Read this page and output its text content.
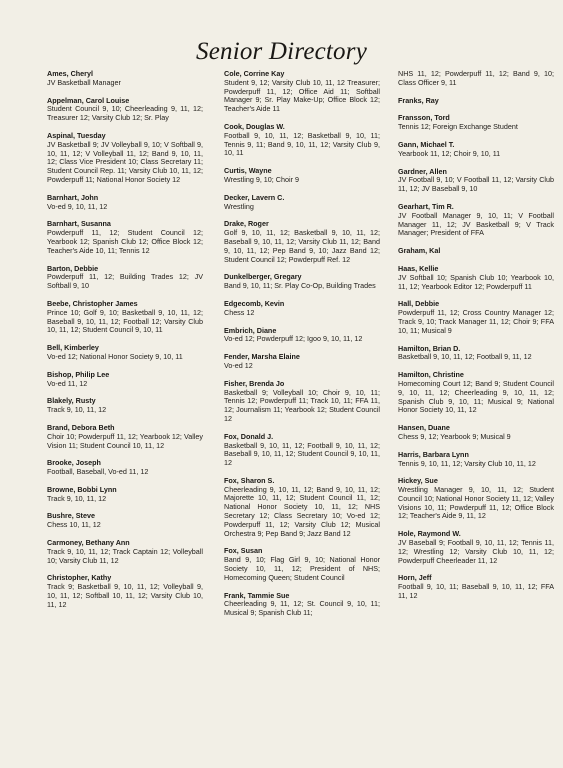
Senior Directory
Ames, Cheryl
JV Basketball Manager
Appelman, Carol Louise
Student Council 9, 10; Cheerleading 9, 11, 12; Treasurer 12; Varsity Club 12; Sr. Play
Aspinal, Tuesday
JV Basketball 9; JV Volleyball 9, 10; V Softball 9, 10, 11, 12; V Volleyball 11, 12; Band 9, 10, 11, 12; Class Vice President 10; Class Secretary 11; Student Council Rep. 11; Varsity Club 10, 11, 12; Powderpuff 11; National Honor Society 12
Barnhart, John
Vo-ed 9, 10, 11, 12
Barnhart, Susanna
Powderpuff 11, 12; Student Council 12; Yearbook 12; Spanish Club 12; Office Block 12; Teacher's Aide 10, 11; Tennis 12
Barton, Debbie
Powderpuff 11, 12; Building Trades 12; JV Softball 9, 10
Beebe, Christopher James
Prince 10; Golf 9, 10; Basketball 9, 10, 11, 12; Baseball 9, 10, 11, 12; Football 12; Varsity Club 10, 11, 12; Student Council 9, 10, 11
Bell, Kimberley
Vo-ed 12; National Honor Society 9, 10, 11
Bishop, Philip Lee
Vo-ed 11, 12
Blakely, Rusty
Track 9, 10, 11, 12
Brand, Debora Beth
Choir 10; Powderpuff 11, 12; Yearbook 12; Valley Vision 11; Student Council 10, 11, 12
Brooke, Joseph
Football, Baseball, Vo-ed 11, 12
Browne, Bobbi Lynn
Track 9, 10, 11, 12
Bushre, Steve
Chess 10, 11, 12
Carmoney, Bethany Ann
Track 9, 10, 11, 12; Track Captain 12; Volleyball 10; Varsity Club 11, 12
Christopher, Kathy
Track 9; Basketball 9, 10, 11, 12; Volleyball 9, 10, 11, 12; Softball 10, 11, 12; Varsity Club 10, 11, 12
Cole, Corrine Kay
Student 9, 12; Varsity Club 10, 11, 12 Treasurer; Powderpuff 11, 12; Office Aid 11; Softball Manager 9; Sr. Play Make-Up; Office Block 12; Teacher's Aide 11
Cook, Douglas W.
Football 9, 10, 11, 12; Basketball 9, 10, 11; Tennis 9, 11; Band 9, 10, 11, 12; Varsity Club 9, 10, 11
Curtis, Wayne
Wrestling 9, 10; Choir 9
Decker, Lavern C.
Wrestling
Drake, Roger
Golf 9, 10, 11, 12; Basketball 9, 10, 11, 12; Baseball 9, 10, 11, 12; Varsity Club 11, 12; Band 9, 10, 11, 12; Pep Band 9, 10; Jazz Band 12; Student Council 12; Powderpuff Ref. 12
Dunkelberger, Gregary
Band 9, 10, 11; Sr. Play Co-Op, Building Trades
Edgecomb, Kevin
Chess 12
Embrich, Diane
Vo-ed 12; Powderpuff 12; Igoo 9, 10, 11, 12
Fender, Marsha Elaine
Vo-ed 12
Fisher, Brenda Jo
Basketball 9; Volleyball 10; Choir 9, 10, 11; Tennis 12; Powderpuff 11; Track 10, 11; FFA 11, 12; Journalism 11; Yearbook 12; Student Council 12
Fox, Donald J.
Basketball 9, 10, 11, 12; Football 9, 10, 11, 12; Baseball 9, 10, 11, 12; Student Council 9, 10, 11, 12
Fox, Sharon S.
Cheerleading 9, 10, 11, 12; Band 9, 10, 11, 12; Majorette 10, 11, 12; Student Council 11, 12; National Honor Society 10, 11, 12; NHS Secretary 12; Class Secretary 10; Vo-ed 12; Powderpuff 11, 12; Varsity Club 12; Musical Orchestra 9; Pep Band 9; Jazz Band 12
Fox, Susan
Band 9, 10; Flag Girl 9, 10; National Honor Society 10, 11, 12; President of NHS; Homecoming Queen; Student Council
Frank, Tammie Sue
Cheerleading 9, 11, 12; St. Council 9, 10, 11; Musical 9; Spanish Club 11;
NHS 11, 12; Powderpuff 11, 12; Band 9, 10; Class Officer 9, 11
Franks, Ray
Fransson, Tord
Tennis 12; Foreign Exchange Student
Gann, Michael T.
Yearbook 11, 12; Choir 9, 10, 11
Gardner, Allen
JV Football 9, 10; V Football 11, 12; Varsity Club 11, 12; JV Baseball 9, 10
Gearhart, Tim R.
JV Football Manager 9, 10, 11; V Football Manager 11, 12; JV Basketball 9; V Track Manager; President of FFA
Graham, Kal
Haas, Kellie
JV Softball 10; Spanish Club 10; Yearbook 10, 11, 12; Yearbook Editor 12; Powderpuff 11
Hall, Debbie
Powderpuff 11, 12; Cross Country Manager 12; Track 9, 10; Track Manager 11, 12; Choir 9; FFA 10, 11; Musical 9
Hamilton, Brian D.
Basketball 9, 10, 11, 12; Football 9, 11, 12
Hamilton, Christine
Homecoming Court 12; Band 9; Student Council 9, 10, 11, 12; Cheerleading 9, 10, 11, 12; Spanish Club 9, 10, 11; Musical 9; National Honor Society 10, 11, 12
Hansen, Duane
Chess 9, 12; Yearbook 9; Musical 9
Harris, Barbara Lynn
Tennis 9, 10, 11, 12; Varsity Club 10, 11, 12
Hickey, Sue
Wrestling Manager 9, 10, 11, 12; Student Council 10; National Honor Society 11, 12; Valley Visions 10, 11; Powderpuff 11, 12; Office Block 12; Teacher's Aide 9, 11, 12
Hole, Raymond W.
JV Baseball 9; Football 9, 10, 11, 12; Tennis 11, 12; Wrestling 12; Varsity Club 10, 11, 12; Powderpuff Cheerleader 11, 12
Horn, Jeff
Football 9, 10, 11; Baseball 9, 10, 11, 12; FFA 11, 12
